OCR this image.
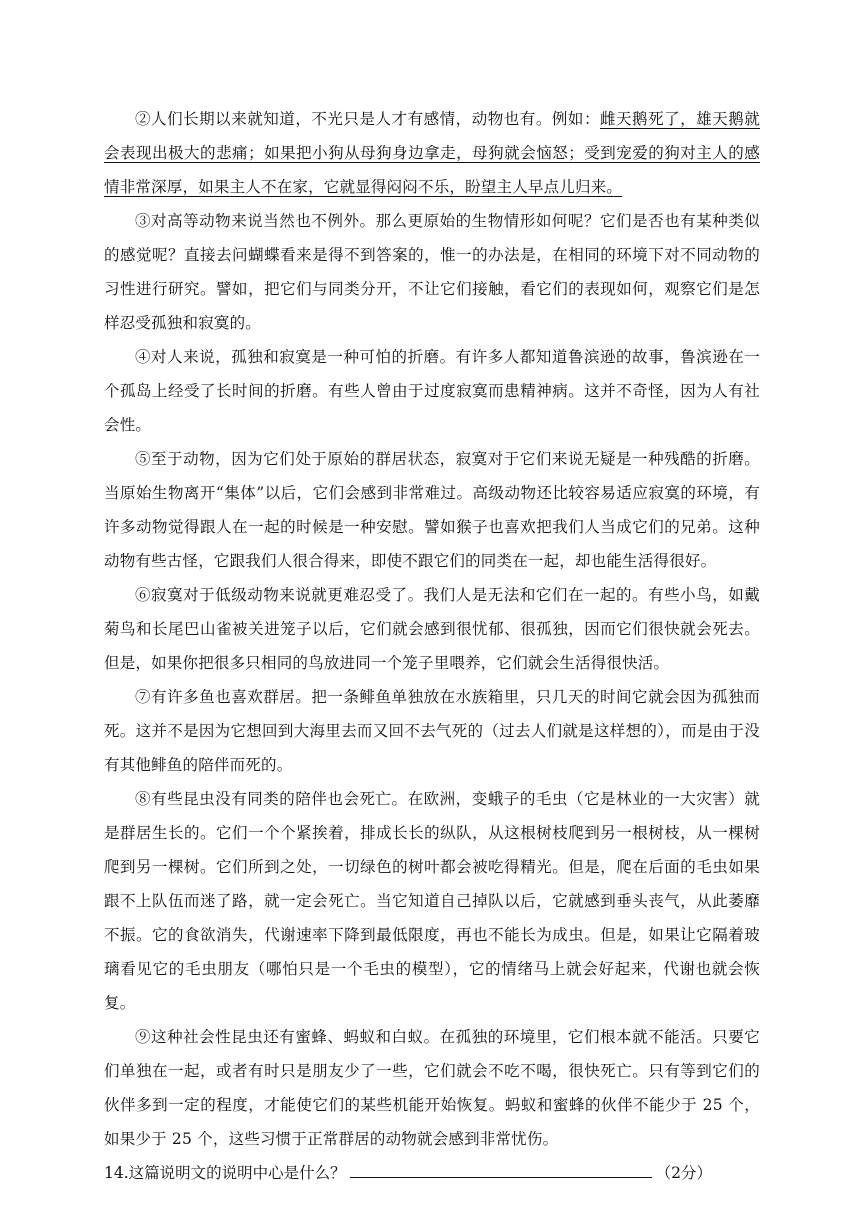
②人们长期以来就知道，不光只是人才有感情，动物也有。例如：雌天鹅死了，雄天鹅就会表现出极大的悲痛；如果把小狗从母狗身边拿走，母狗就会恼怒；受到宠爱的狗对主人的感情非常深厚，如果主人不在家，它就显得闷闷不乐，盼望主人早点儿归来。

③对高等动物来说当然也不例外。那么更原始的生物情形如何呢？它们是否也有某种类似的感觉呢？直接去问蝴蝶看来是得不到答案的，惟一的办法是，在相同的环境下对不同动物的习性进行研究。譬如，把它们与同类分开，不让它们接触，看它们的表现如何，观察它们是怎样忍受孤独和寂寞的。

④对人来说，孤独和寂寞是一种可怕的折磨。有许多人都知道鲁滨逊的故事，鲁滨逊在一个孤岛上经受了长时间的折磨。有些人曾由于过度寂寞而患精神病。这并不奇怪，因为人有社会性。

⑤至于动物，因为它们处于原始的群居状态，寂寞对于它们来说无疑是一种残酷的折磨。当原始生物离开“集体”以后，它们会感到非常难过。高级动物还比较容易适应寂寞的环境，有许多动物觉得跟人在一起的时候是一种安慰。譬如猴子也喜欢把我们人当成它们的兄弟。这种动物有些古怪，它跟我们人很合得来，即使不跟它们的同类在一起，却也能生活得很好。

⑥寂寞对于低级动物来说就更难忍受了。我们人是无法和它们在一起的。有些小鸟，如戴菊鸟和长尾巴山雀被关进笼子以后，它们就会感到很忧郁、很孤独，因而它们很快就会死去。但是，如果你把很多只相同的鸟放进同一个笼子里喂养，它们就会生活得很快活。

⑦有许多鱼也喜欢群居。把一条鲱鱼单独放在水族箱里，只几天的时间它就会因为孤独而死。这并不是因为它想回到大海里去而又回不去气死的（过去人们就是这样想的），而是由于没有其他鲱鱼的陪伴而死的。

⑧有些昆虫没有同类的陪伴也会死亡。在欧洲，变蛾子的毛虫（它是林业的一大灾害）就是群居生长的。它们一个个紧挨着，排成长长的纵队，从这根树枝爬到另一根树枝，从一棵树爬到另一棵树。它们所到之处，一切绿色的树叶都会被吃得精光。但是，爬在后面的毛虫如果跟不上队伍而迷了路，就一定会死亡。当它知道自己掉队以后，它就感到垂头丧气，从此萎靡不振。它的食欲消失，代谢速率下降到最低限度，再也不能长为成虫。但是，如果让它隔着玻璃看见它的毛虫朋友（哪怕只是一个毛虫的模型），它的情绪马上就会好起来，代谢也就会恢复。

⑨这种社会性昆虫还有蜜蜂、蚂蚁和白蚁。在孤独的环境里，它们根本就不能活。只要它们单独在一起，或者有时只是朋友少了一些，它们就会不吃不喝，很快死亡。只有等到它们的伙伴多到一定的程度，才能使它们的某些机能开始恢复。蚂蚁和蜜蜂的伙伴不能少于 25 个，如果少于 25 个，这些习惯于正常群居的动物就会感到非常忧伤。

14.这篇说明文的说明中心是什么？	（2分）
